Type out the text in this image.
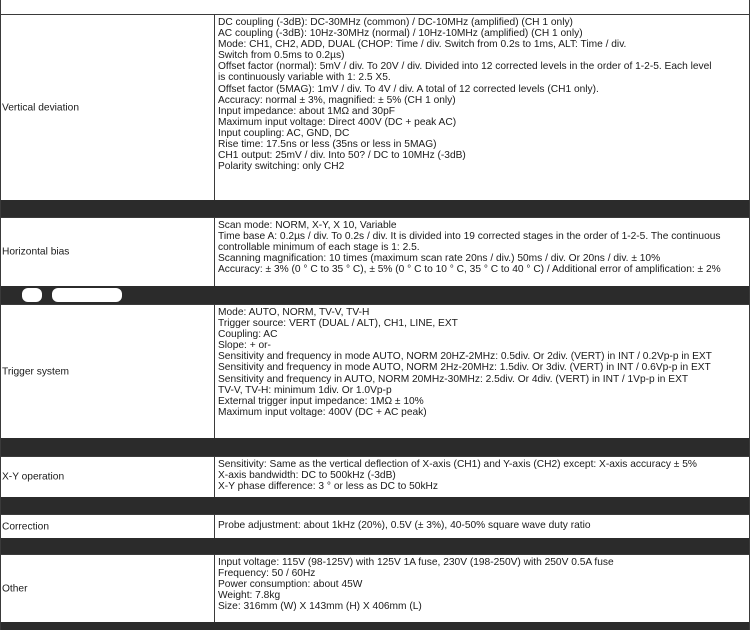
Vertical deviation
DC coupling (-3dB): DC-30MHz (common) / DC-10MHz (amplified) (CH 1 only)
AC coupling (-3dB): 10Hz-30MHz (normal) / 10Hz-10MHz (amplified) (CH 1 only)
Mode: CH1, CH2, ADD, DUAL (CHOP: Time / div. Switch from 0.2s to 1ms, ALT: Time / div.
Switch from 0.5ms to 0.2µs)
Offset factor (normal): 5mV / div. To 20V / div. Divided into 12 corrected levels in the order of 1-2-5. Each level
is continuously variable with 1: 2.5 X5.
Offset factor (5MAG): 1mV / div. To 4V / div. A total of 12 corrected levels (CH1 only).
Accuracy: normal ± 3%, magnified: ± 5% (CH 1 only)
Input impedance: about 1MΩ and 30pF
Maximum input voltage: Direct 400V (DC + peak AC)
Input coupling: AC, GND, DC
Rise time: 17.5ns or less (35ns or less in 5MAG)
CH1 output: 25mV / div. Into 50? / DC to 10MHz (-3dB)
Polarity switching: only CH2
Horizontal bias
Scan mode: NORM, X-Y, X 10, Variable
Time base A: 0.2µs / div. To 0.2s / div. It is divided into 19 corrected stages in the order of 1-2-5. The continuous
controllable minimum of each stage is 1: 2.5.
Scanning magnification: 10 times (maximum scan rate 20ns / div.) 50ms / div. Or 20ns / div. ± 10%
Accuracy: ± 3% (0 ° C to 35 ° C), ± 5% (0 ° C to 10 ° C, 35 ° C to 40 ° C) / Additional error of amplification: ± 2%
Trigger system
Mode: AUTO, NORM, TV-V, TV-H
Trigger source: VERT (DUAL / ALT), CH1, LINE, EXT
Coupling: AC
Slope: + or-
Sensitivity and frequency in mode AUTO, NORM 20HZ-2MHz: 0.5div. Or 2div. (VERT) in INT / 0.2Vp-p in EXT
Sensitivity and frequency in mode AUTO, NORM 2Hz-20MHz: 1.5div. Or 3div. (VERT) in INT / 0.6Vp-p in EXT
Sensitivity and frequency in AUTO, NORM 20MHz-30MHz: 2.5div. Or 4div. (VERT) in INT / 1Vp-p in EXT
TV-V, TV-H: minimum 1div. Or 1.0Vp-p
External trigger input impedance: 1MΩ ± 10%
Maximum input voltage: 400V (DC + AC peak)
X-Y operation
Sensitivity: Same as the vertical deflection of X-axis (CH1) and Y-axis (CH2) except: X-axis accuracy ± 5%
X-axis bandwidth: DC to 500kHz (-3dB)
X-Y phase difference: 3 ° or less as DC to 50kHz
Correction	Probe adjustment: about 1kHz (20%), 0.5V (± 3%), 40-50% square wave duty ratio
Other
Input voltage: 115V (98-125V) with 125V 1A fuse, 230V (198-250V) with 250V 0.5A fuse
Frequency: 50 / 60Hz
Power consumption: about 45W
Weight: 7.8kg
Size: 316mm (W) X 143mm (H) X 406mm (L)
